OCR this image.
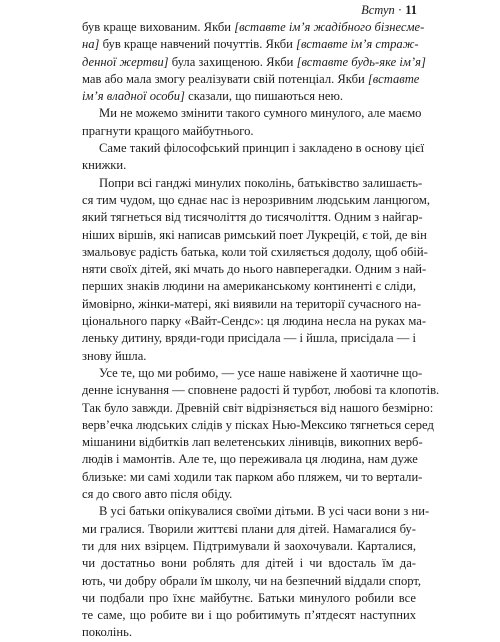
Вступ · 11
був краще вихованим. Якби [вставте ім’я жадібного бізнесме-
на] був краще навчений почуттів. Якби [вставте ім’я страж-
денної жертви] була захищеною. Якби [вставте будь-яке ім’я]
мав або мала змогу реалізувати свій потенціал. Якби [вставте
ім’я владної особи] сказали, що пишаються нею.
Ми не можемо змінити такого сумного минулого, але маємо
прагнути кращого майбутнього.
Саме такий філософський принцип і закладено в основу цієї
книжки.
Попри всі ганджі минулих поколінь, батьківство залишаєть-
ся тим чудом, що єднає нас із нерозривним людським ланцюгом,
який тягнеться від тисячоліття до тисячоліття. Одним з найгар-
ніших віршів, які написав римський поет Лукрецій, є той, де він
змальовує радість батька, коли той схиляється додолу, щоб обій-
няти своїх дітей, які мчать до нього навперегадки. Одним з най-
перших знаків людини на американському континенті є сліди,
ймовірно, жінки-матері, які виявили на території сучасного на-
ціонального парку «Вайт-Сендс»: ця людина несла на руках ма-
леньку дитину, вряди-годи присідала — і йшла, присідала — і
знову йшла.
Усе те, що ми робимо, — усе наше навіжене й хаотичне що-
денне існування — сповнене радості й турбот, любові та клопотів.
Так було завжди. Древній світ відрізняється від нашого безмірно:
верв’ечка людських слідів у пісках Нью-Мексико тягнеться серед
мішанини відбитків лап велетенських лінивців, викопних верб-
людів і мамонтів. Але те, що переживала ця людина, нам дуже
близьке: ми самі ходили так парком або пляжем, чи то вертали-
ся до свого авто після обіду.
В усі батьки опікувалися своїми дітьми. В усі часи вони з ни-
ми гралися. Творили життєві плани для дітей. Намагалися бу-
ти для них взірцем. Підтримували й заохочували. Карталися,
чи достатньо вони роблять для дітей і чи вдосталь їм да-
ють, чи добру обрали їм школу, чи на безпечний віддали спорт,
чи подбали про їхнє майбутнє. Батьки минулого робили все
те саме, що робите ви і що робитимуть п’ятдесят наступних
поколінь.
